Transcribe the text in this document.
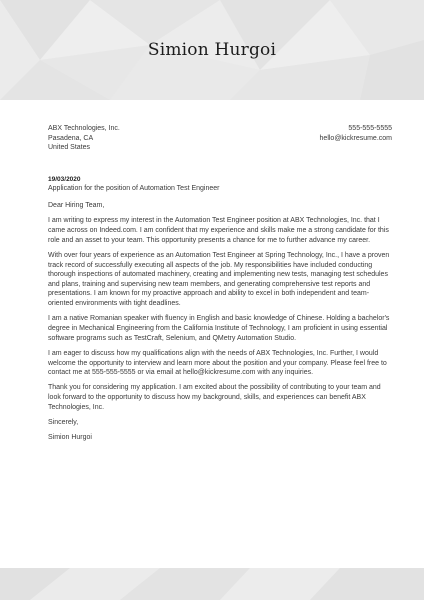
Simion Hurgoi
ABX Technologies, Inc.
Pasadena, CA
United States
555-555-5555
hello@kickresume.com
19/03/2020
Application for the position of Automation Test Engineer

Dear Hiring Team,

I am writing to express my interest in the Automation Test Engineer position at ABX Technologies, Inc. that I came across on Indeed.com. I am confident that my experience and skills make me a strong candidate for this role and an asset to your team. This opportunity presents a chance for me to further advance my career.

With over four years of experience as an Automation Test Engineer at Spring Technology, Inc., I have a proven track record of successfully executing all aspects of the job. My responsibilities have included conducting thorough inspections of automated machinery, creating and implementing new tests, managing test schedules and plans, training and supervising new team members, and generating comprehensive test reports and presentations. I am known for my proactive approach and ability to excel in both independent and team-oriented environments with tight deadlines.

I am a native Romanian speaker with fluency in English and basic knowledge of Chinese. Holding a bachelor's degree in Mechanical Engineering from the California Institute of Technology, I am proficient in using essential software programs such as TestCraft, Selenium, and QMetry Automation Studio.

I am eager to discuss how my qualifications align with the needs of ABX Technologies, Inc. Further, I would welcome the opportunity to interview and learn more about the position and your company. Please feel free to contact me at 555-555-5555 or via email at hello@kickresume.com with any inquiries.

Thank you for considering my application. I am excited about the possibility of contributing to your team and look forward to the opportunity to discuss how my background, skills, and experiences can benefit ABX Technologies, Inc.

Sincerely,

Simion Hurgoi
